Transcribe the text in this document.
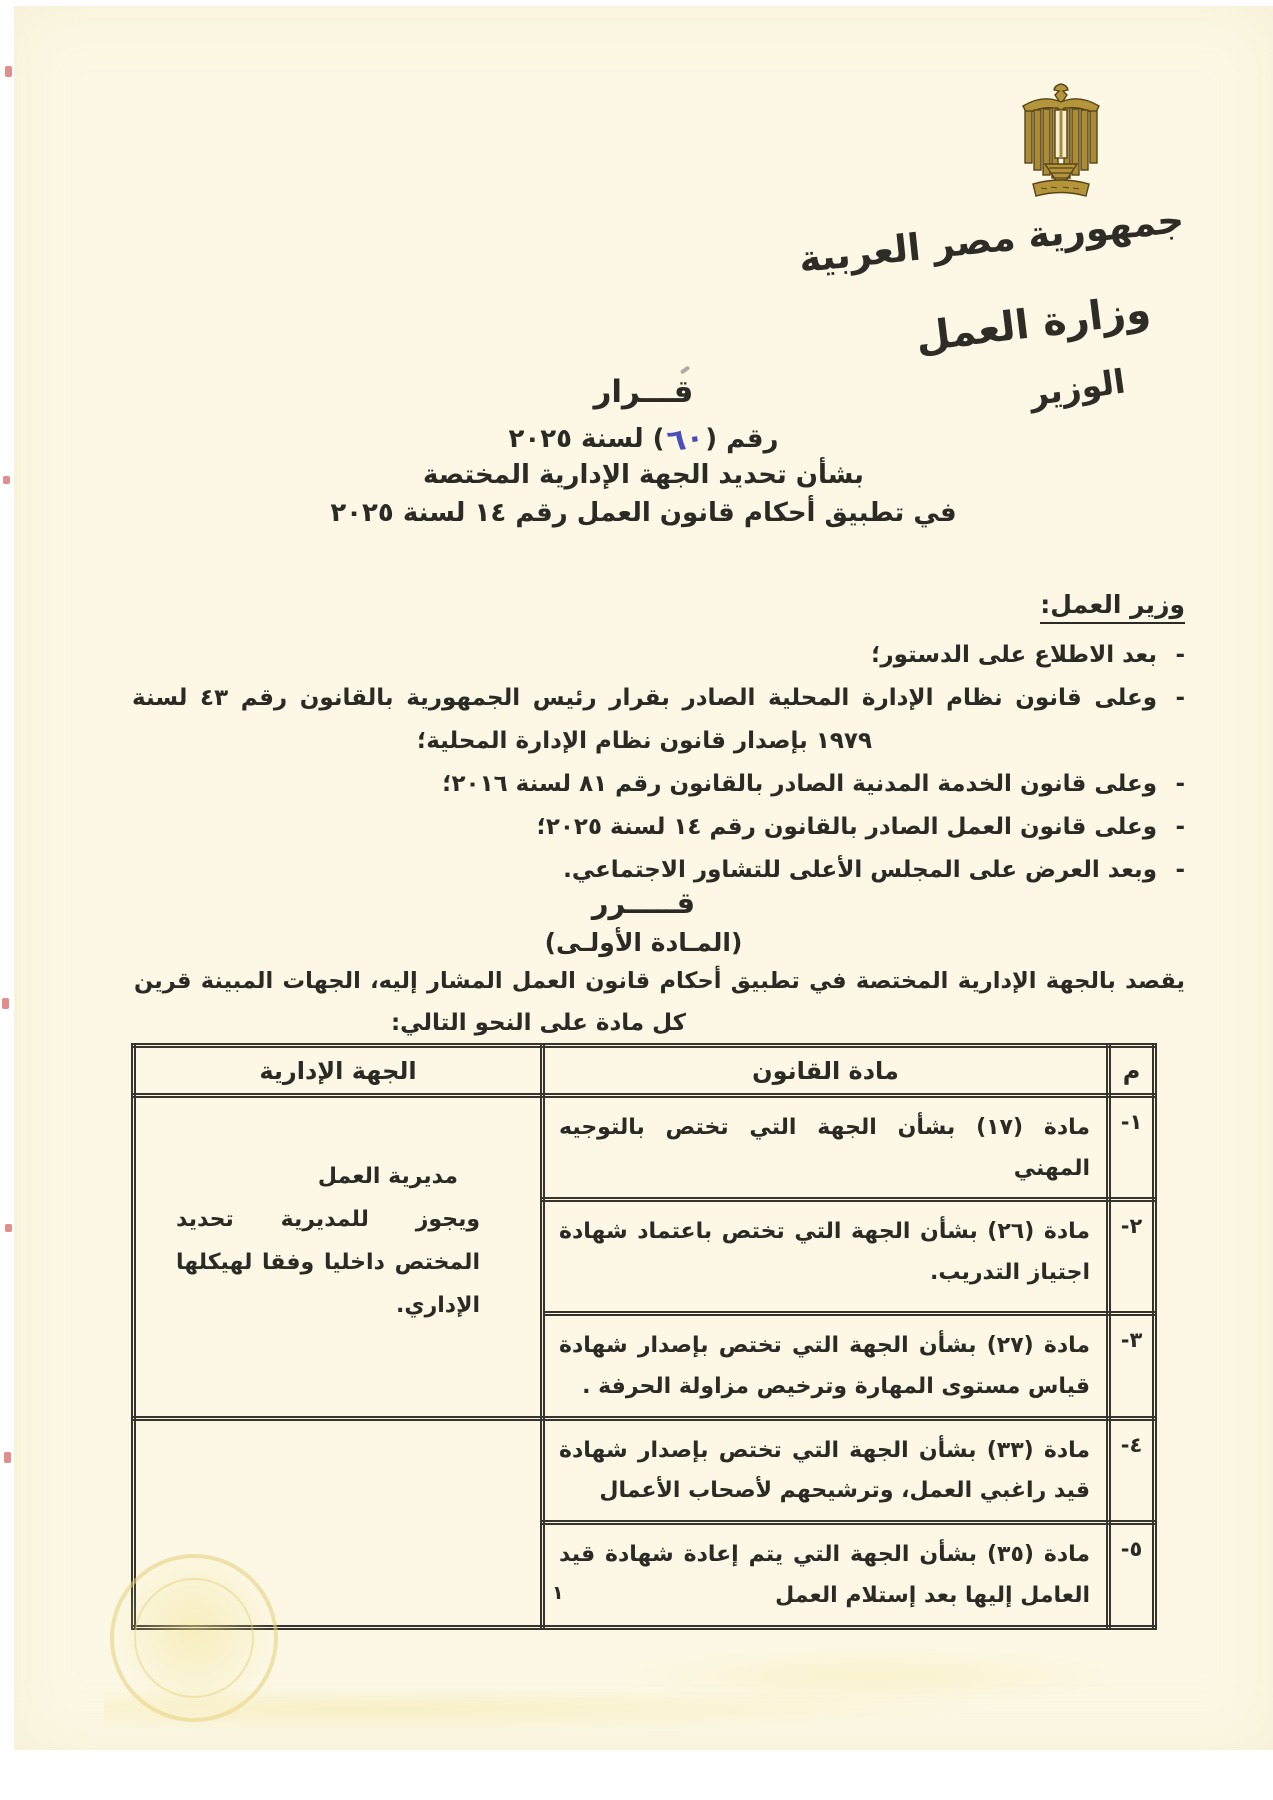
جمهورية مصر العربية
وزارة العمل
الوزير
قـــرار
رقم (٦٠) لسنة ٢٠٢٥
بشأن تحديد الجهة الإدارية المختصة
في تطبيق أحكام قانون العمل رقم ١٤ لسنة ٢٠٢٥
وزير العمل:
-
بعد الاطلاع على الدستور؛
-
وعلى قانون نظام الإدارة المحلية الصادر بقرار رئيس الجمهورية بالقانون رقم ٤٣ لسنة ١٩٧٩ بإصدار قانون نظام الإدارة المحلية؛
-
وعلى قانون الخدمة المدنية الصادر بالقانون رقم ٨١ لسنة ٢٠١٦؛
-
وعلى قانون العمل الصادر بالقانون رقم ١٤ لسنة ٢٠٢٥؛
-
وبعد العرض على المجلس الأعلى للتشاور الاجتماعي.
قـــــرر
(المـادة الأولـى)
يقصد بالجهة الإدارية المختصة في تطبيق أحكام قانون العمل المشار إليه، الجهات المبينة قرين
كل مادة على النحو التالي:
م	مادة القانون	الجهة الإدارية
١-	مادة (١٧) بشأن الجهة التي تختص بالتوجيه المهني	مديرية العمل
ويجوز للمديرية تحديد المختص داخليا وفقا لهيكلها الإداري.

٢-	مادة (٢٦) بشأن الجهة التي تختص باعتماد شهادة اجتياز التدريب.	
٣-	مادة (٢٧) بشأن الجهة التي تختص بإصدار شهادة قياس مستوى المهارة وترخيص مزاولة الحرفة .	
٤-	مادة (٣٣) بشأن الجهة التي تختص بإصدار شهادة قيد راغبي العمل، وترشيحهم لأصحاب الأعمال	
٥-	مادة (٣٥) بشأن الجهة التي يتم إعادة شهادة قيد العامل إليها بعد إستلام العمل	
١
